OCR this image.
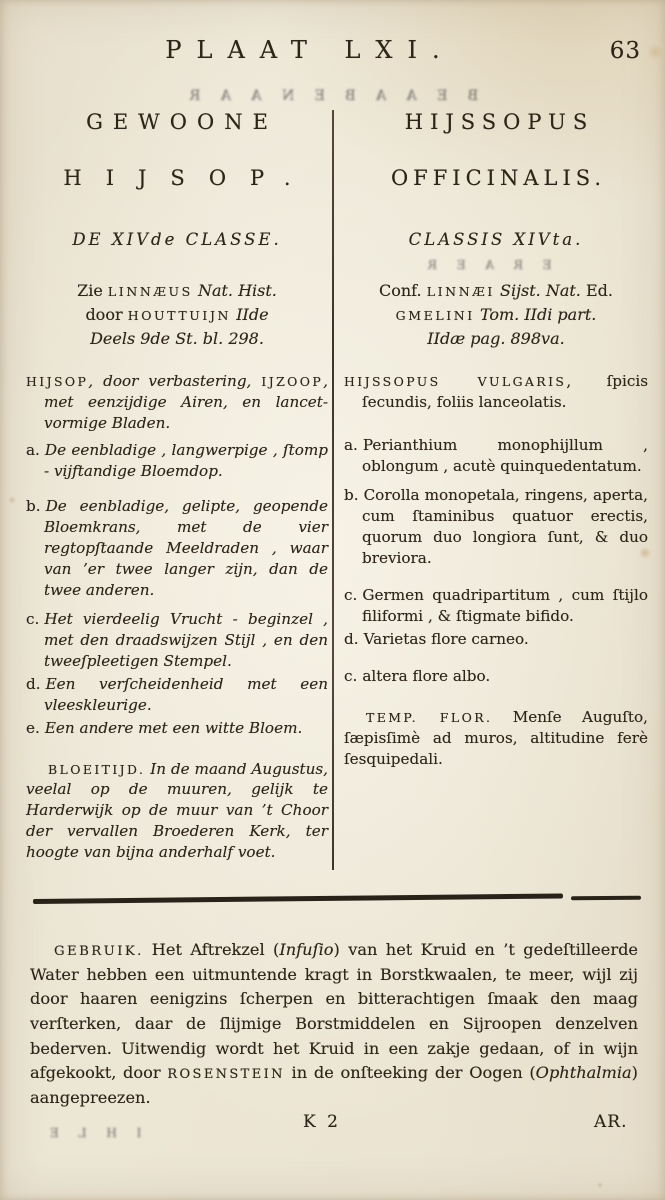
B E A A B E N A A R
E R A E R
I H L E
PLAAT LXI.	63
GEWOONE
HIJSOP.
DE XIVde CLASSE.
Zie LINNÆUS Nat. Hist.
door HOUTTUIJN IIde
Deels 9de St. bl. 298.

HIJSOP, door verbastering, IJZOOP, met eenzijdige Airen, en lancet-vormige Bladen.

a. De eenbladige , langwerpige , ſtomp - vijftandige Bloemdop.

b. De eenbladige, gelipte, geopende Bloemkrans, met de vier regtopſtaande Meeldraden , waar van ’er twee langer zijn, dan de twee anderen.

c. Het vierdeelig Vrucht - beginzel , met den draadswijzen Stijl , en den tweeſpleetigen Stempel.

d. Een verſcheidenheid met een vleeskleurige.

e. Een andere met een witte Bloem.

BLOEITIJD. In de maand Augustus, veelal op de muuren, gelijk te Harderwijk op de muur van ’t Choor der vervallen Broederen Kerk, ter hoogte van bijna anderhalf voet.

HIJSSOPUS
OFFICINALIS.
CLASSIS XIVta.
Conf. LINNÆI Sijst. Nat. Ed.
GMELINI Tom. IIdi part.
IIdæ pag. 898va.

HIJSSOPUS VULGARIS, ſpicis ſecundis, foliis lanceolatis.

a. Perianthium monophijllum , oblongum , acutè quinquedentatum.

b. Corolla monopetala, ringens, aperta, cum ſtaminibus quatuor erectis, quorum duo longiora ſunt, & duo breviora.

c. Germen quadripartitum , cum ſtijlo filiformi , & ſtigmate bifido.

d. Varietas flore carneo.

c. altera flore albo.

TEMP. FLOR. Menſe Auguſto, ſæpisſimè ad muros, altitudine ferè ſesquipedali.

GEBRUIK. Het Aftrekzel (Infuſio) van het Kruid en ’t gedeſtilleerde Water hebben een uitmuntende kragt in Borstkwaalen, te meer, wijl zij door haaren eenigzins ſcherpen en bitterachtigen ſmaak den maag verſterken, daar de ſlijmige Borstmiddelen en Sijroopen denzelven bederven. Uitwendig wordt het Kruid in een zakje gedaan, of in wijn afgekookt, door ROSENSTEIN in de onſteeking der Oogen (Ophthalmia) aangepreezen.

K 2	AR.
